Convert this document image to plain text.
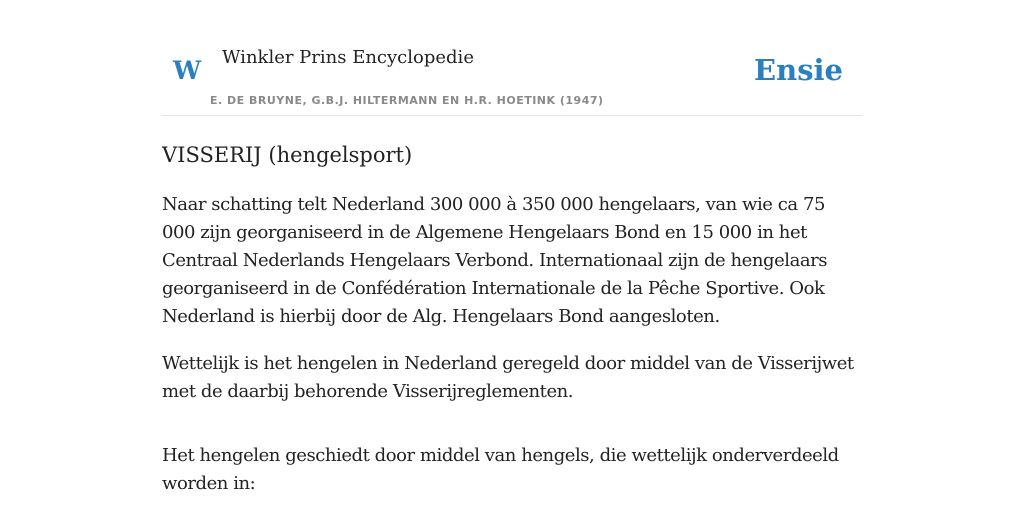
W Winkler Prins Encyclopedie
E. DE BRUYNE, G.B.J. HILTERMANN EN H.R. HOETINK (1947)
Ensie
VISSERIJ (hengelsport)

Naar schatting telt Nederland 300 000 à 350 000 hengelaars, van wie ca 75 000 zijn georganiseerd in de Algemene Hengelaars Bond en 15 000 in het Centraal Nederlands Hengelaars Verbond. Internationaal zijn de hengelaars georganiseerd in de Confédération Internationale de la Pêche Sportive. Ook Nederland is hierbij door de Alg. Hengelaars Bond aangesloten.

Wettelijk is het hengelen in Nederland geregeld door middel van de Visserijwet met de daarbij behorende Visserijreglementen.

Het hengelen geschiedt door middel van hengels, die wettelijk onderverdeeld worden in:
